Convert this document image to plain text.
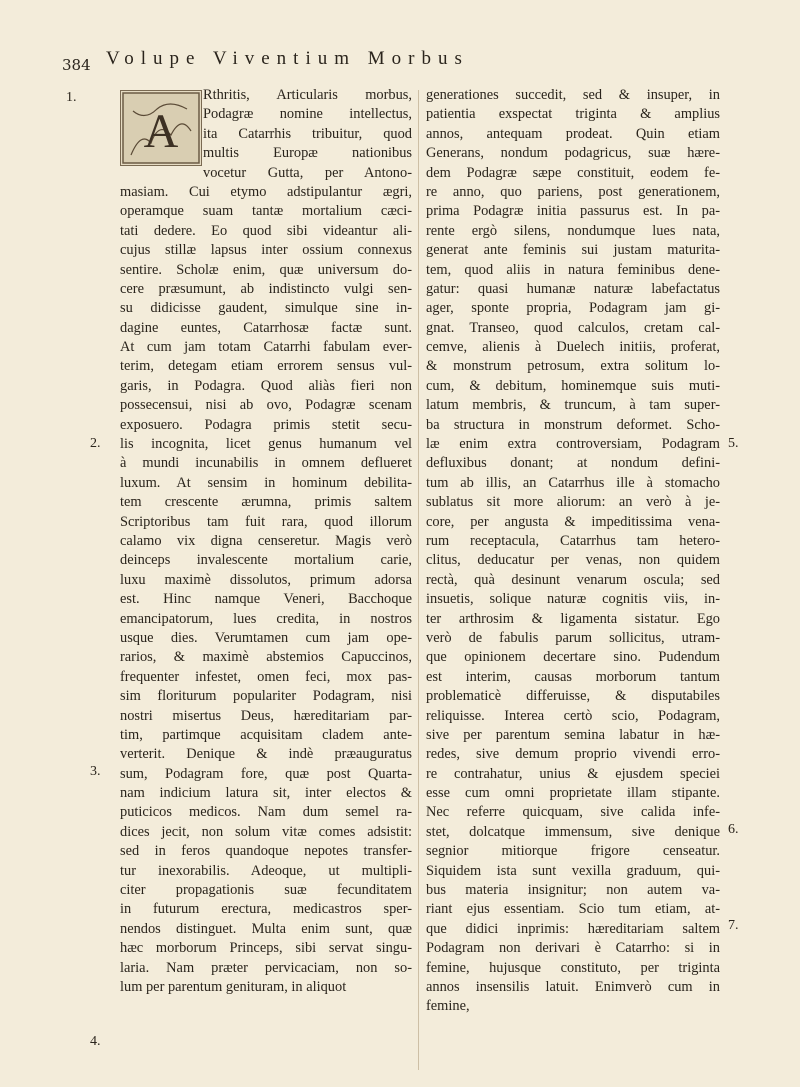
384 Volupe Viventium Morbus
A
Rthritis, Articularis morbus,
Podagræ nomine intellectus,
ita Catarrhis tribuitur, quod
multis Europæ nationibus
vocetur Gutta, per Antono-
masiam. Cui etymo adstipulantur ægri,
operamque suam tantæ mortalium cæci-
tati dedere. Eo quod sibi videantur ali-
cujus stillæ lapsus inter ossium connexus
sentire. Scholæ enim, quæ universum do-
cere præsumunt, ab indistincto vulgi sen-
su didicisse gaudent, simulque sine in-
dagine euntes, Catarrhosæ factæ sunt.
At cum jam totam Catarrhi fabulam ever-
terim, detegam etiam errorem sensus vul-
garis, in Podagra. Quod aliàs fieri non
possecensui, nisi ab ovo, Podagræ scenam
exposuero. Podagra primis stetit secu-
lis incognita, licet genus humanum vel
à mundi incunabilis in omnem deflueret
luxum. At sensim in hominum debilita-
tem crescente ærumna, primis saltem
Scriptoribus tam fuit rara, quod illorum
calamo vix digna censeretur. Magis verò
deinceps invalescente mortalium carie,
luxu maximè dissolutos, primum adorsa
est. Hinc namque Veneri, Bacchoque
emancipatorum, lues credita, in nostros
usque dies. Verumtamen cum jam ope-
rarios, & maximè abstemios Capuccinos,
frequenter infestet, omen feci, mox pas-
sim floriturum populariter Podagram, nisi
nostri misertus Deus, hæreditariam par-
tim, partimque acquisitam cladem ante-
verterit. Denique & indè præauguratus
sum, Podagram fore, quæ post Quarta-
nam indicium latura sit, inter electos &
puticicos medicos. Nam dum semel ra-
dices jecit, non solum vitæ comes adsistit:
sed in feros quandoque nepotes transfer-
tur inexorabilis. Adeoque, ut multipli-
citer propagationis suæ fecunditatem
in futurum erectura, medicastros sper-
nendos distinguet. Multa enim sunt, quæ
hæc morborum Princeps, sibi servat singu-
laria. Nam præter pervicaciam, non so-
lum per parentum genituram, in aliquot
generationes succedit, sed & insuper, in
patientia exspectat triginta & amplius
annos, antequam prodeat. Quin etiam
Generans, nondum podagricus, suæ hære-
dem Podagræ sæpe constituit, eodem fe-
re anno, quo pariens, post generationem,
prima Podagræ initia passurus est. In pa-
rente ergò silens, nondumque lues nata,
generat ante feminis sui justam maturita-
tem, quod aliis in natura feminibus dene-
gatur: quasi humanæ naturæ labefactatus
ager, sponte propria, Podagram jam gi-
gnat. Transeo, quod calculos, cretam cal-
cemve, alienis à Duelech initiis, proferat,
& monstrum petrosum, extra solitum lo-
cum, & debitum, hominemque suis muti-
latum membris, & truncum, à tam super-
ba structura in monstrum deformet. Scho-
læ enim extra controversiam, Podagram
defluxibus donant; at nondum defini-
tum ab illis, an Catarrhus ille à stomacho
sublatus sit more aliorum: an verò à je-
core, per angusta & impeditissima vena-
rum receptacula, Catarrhus tam hetero-
clitus, deducatur per venas, non quidem
rectà, quà desinunt venarum oscula; sed
insuetis, solique naturæ cognitis viis, in-
ter arthrosim & ligamenta sistatur. Ego
verò de fabulis parum sollicitus, utram-
que opinionem decertare sino. Pudendum
est interim, causas morborum tantum
problematicè differuisse, & disputabiles
reliquisse. Interea certò scio, Podagram,
sive per parentum semina labatur in hæ-
redes, sive demum proprio vivendi erro-
re contrahatur, unius & ejusdem speciei
esse cum omni proprietate illam stipante.
Nec referre quicquam, sive calida infe-
stet, dolcatque immensum, sive denique
segnior mitiorque frigore censeatur.
Siquidem ista sunt vexilla graduum, qui-
bus materia insignitur; non autem va-
riant ejus essentiam. Scio tum etiam, at-
que didici inprimis: hæreditariam saltem
Podagram non derivari è Catarrho: si in
femine, hujusque constituto, per triginta
annos insensilis latuit. Enimverò cum in
femine,
1.
2.
3.
4.
5.
6.
7.
